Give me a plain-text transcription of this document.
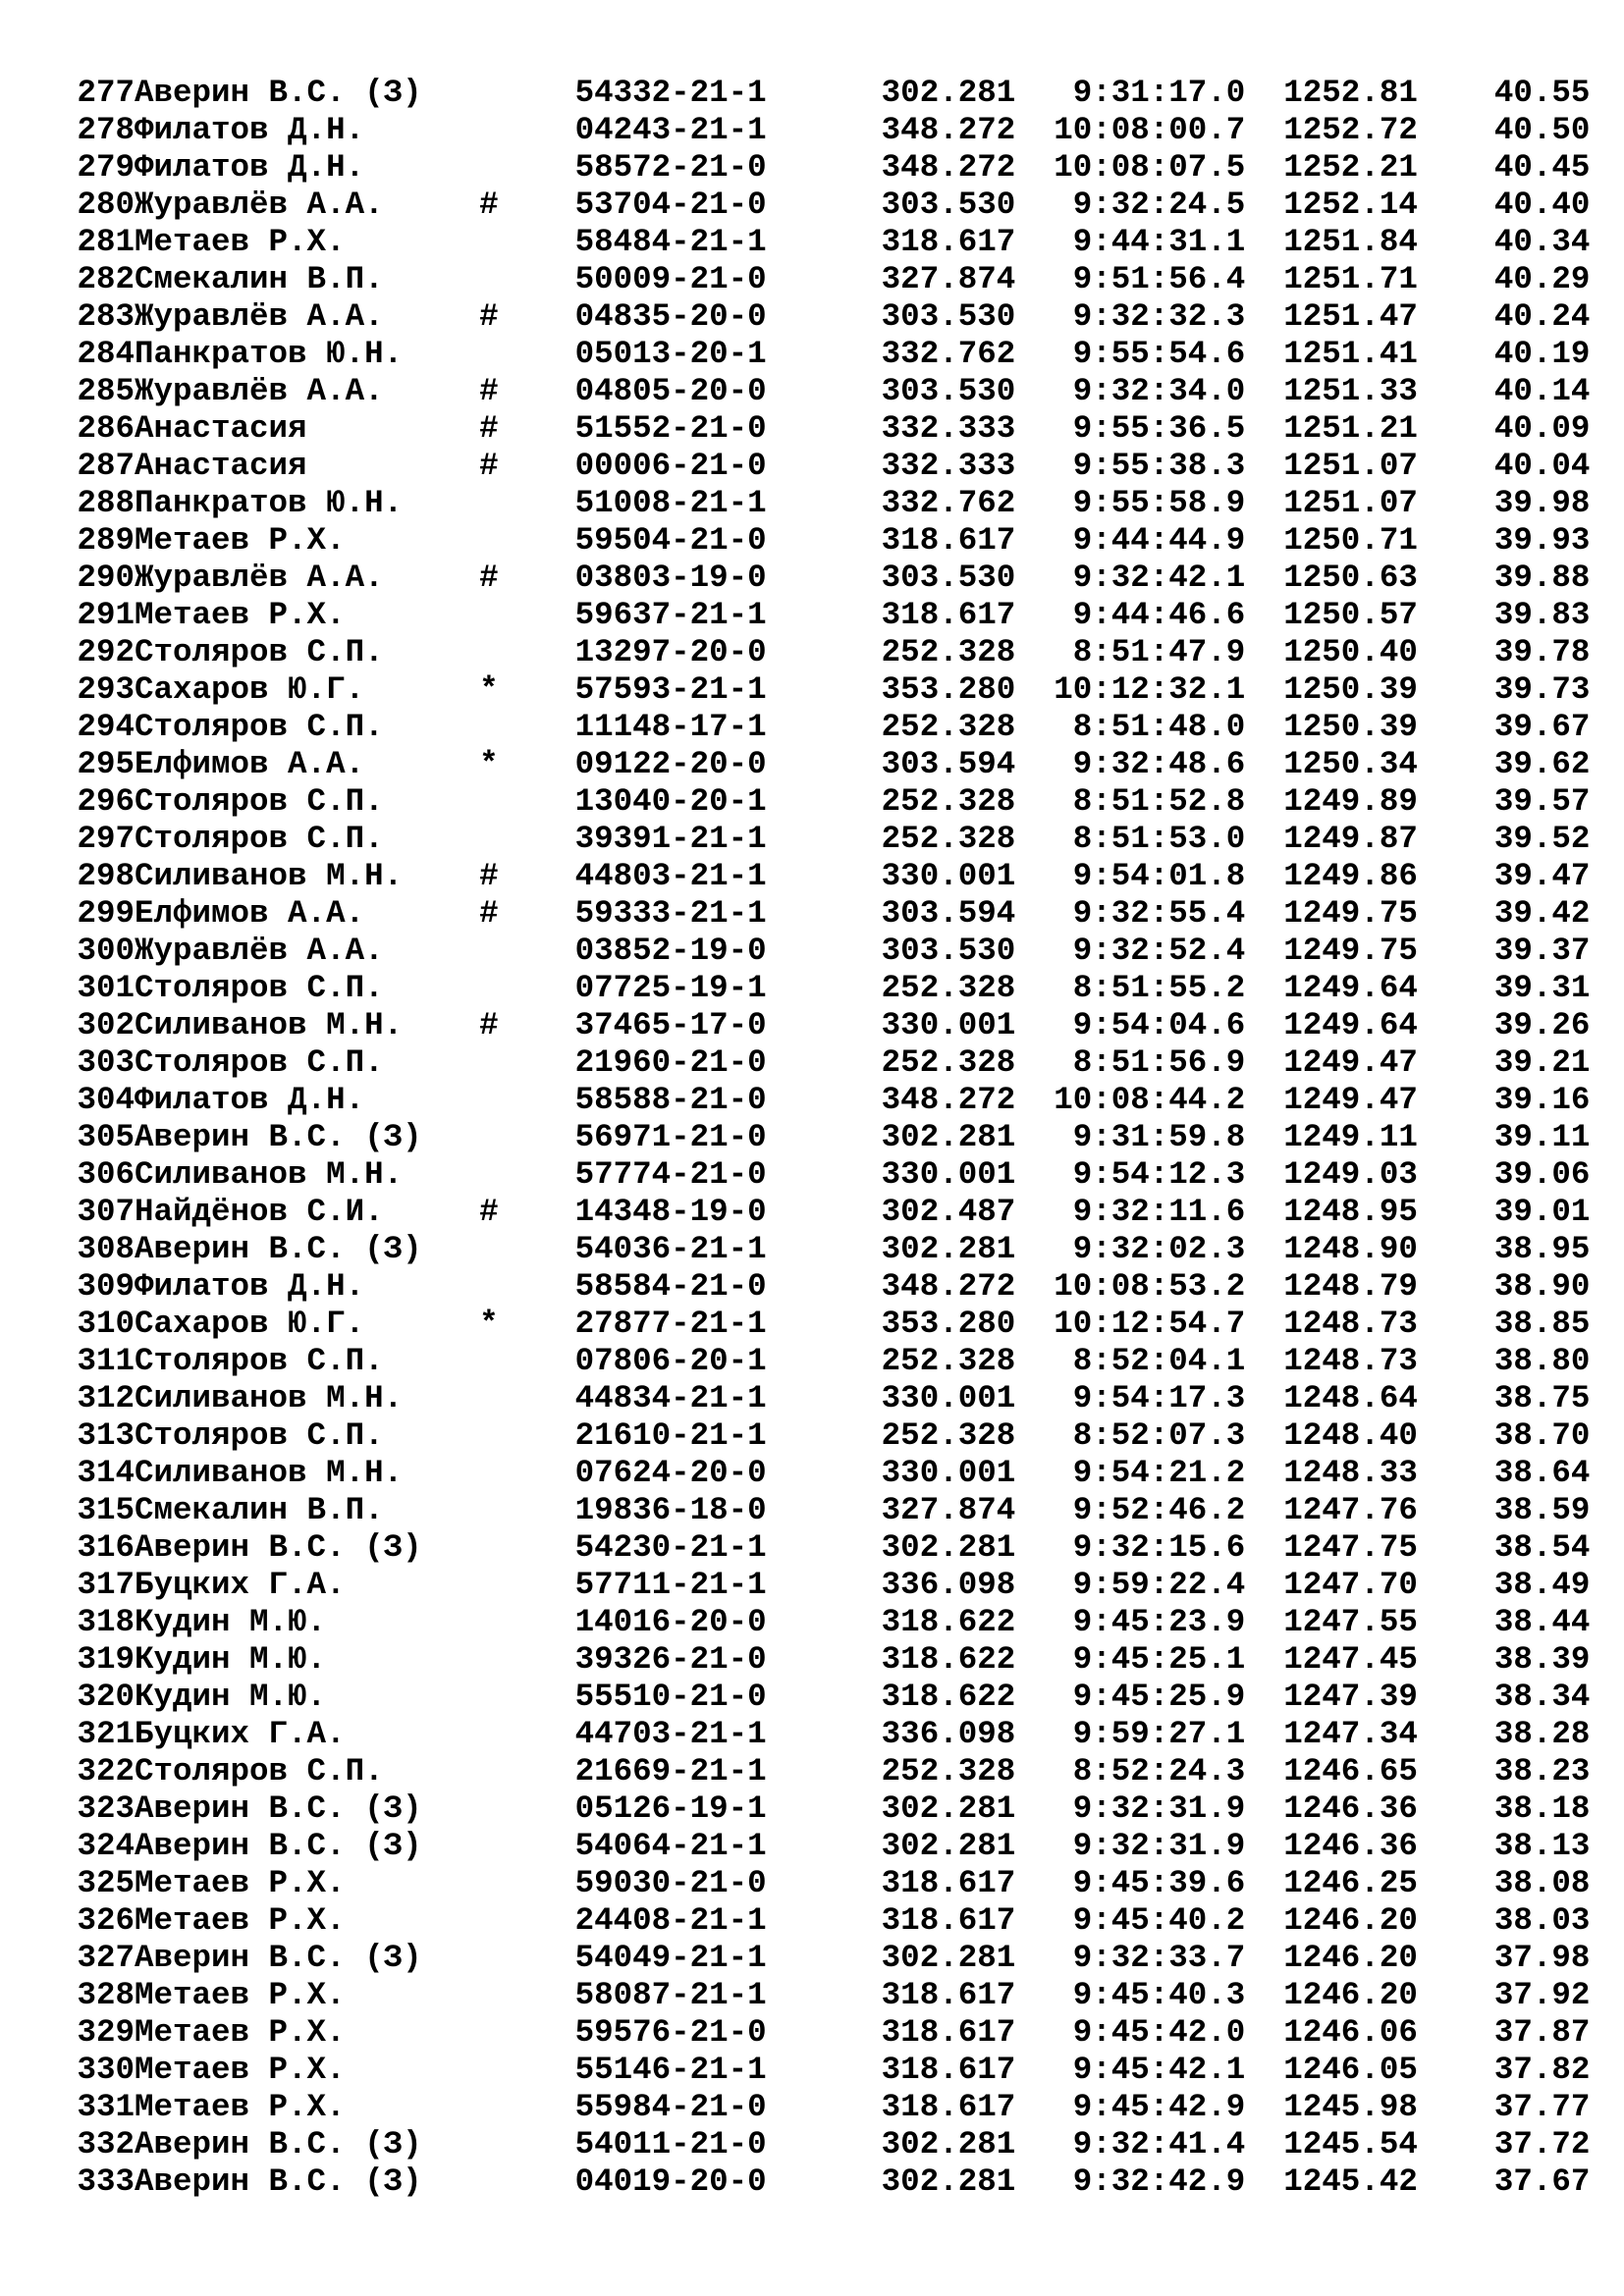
277Аверин В.С. (З)	54332-21-1      302.281   9:31:17.0  1252.81    40.55
278Филатов Д.Н.	04243-21-1      348.272  10:08:00.7  1252.72    40.50
279Филатов Д.Н.	58572-21-0      348.272  10:08:07.5  1252.21    40.45
280Журавлёв А.А.     #    53704-21-0      303.530   9:32:24.5  1252.14    40.40
281Метаев Р.Х.	58484-21-1      318.617   9:44:31.1  1251.84    40.34
282Смекалин В.П.	50009-21-0      327.874   9:51:56.4  1251.71    40.29
283Журавлёв А.А.     #    04835-20-0      303.530   9:32:32.3  1251.47    40.24
284Панкратов Ю.Н.	05013-20-1      332.762   9:55:54.6  1251.41    40.19
285Журавлёв А.А.     #    04805-20-0      303.530   9:32:34.0  1251.33    40.14
286Анастасия         #    51552-21-0      332.333   9:55:36.5  1251.21    40.09
287Анастасия         #    00006-21-0      332.333   9:55:38.3  1251.07    40.04
288Панкратов Ю.Н.	51008-21-1      332.762   9:55:58.9  1251.07    39.98
289Метаев Р.Х.	59504-21-0      318.617   9:44:44.9  1250.71    39.93
290Журавлёв А.А.     #    03803-19-0      303.530   9:32:42.1  1250.63    39.88
291Метаев Р.Х.	59637-21-1      318.617   9:44:46.6  1250.57    39.83
292Столяров С.П.	13297-20-0      252.328   8:51:47.9  1250.40    39.78
293Сахаров Ю.Г.      *    57593-21-1      353.280  10:12:32.1  1250.39    39.73
294Столяров С.П.	11148-17-1      252.328   8:51:48.0  1250.39    39.67
295Елфимов А.А.      *    09122-20-0      303.594   9:32:48.6  1250.34    39.62
296Столяров С.П.	13040-20-1      252.328   8:51:52.8  1249.89    39.57
297Столяров С.П.	39391-21-1      252.328   8:51:53.0  1249.87    39.52
298Силиванов М.Н.    #    44803-21-1      330.001   9:54:01.8  1249.86    39.47
299Елфимов А.А.      #    59333-21-1      303.594   9:32:55.4  1249.75    39.42
300Журавлёв А.А.	03852-19-0      303.530   9:32:52.4  1249.75    39.37
301Столяров С.П.	07725-19-1      252.328   8:51:55.2  1249.64    39.31
302Силиванов М.Н.    #    37465-17-0      330.001   9:54:04.6  1249.64    39.26
303Столяров С.П.	21960-21-0      252.328   8:51:56.9  1249.47    39.21
304Филатов Д.Н.	58588-21-0      348.272  10:08:44.2  1249.47    39.16
305Аверин В.С. (З)	56971-21-0      302.281   9:31:59.8  1249.11    39.11
306Силиванов М.Н.	57774-21-0      330.001   9:54:12.3  1249.03    39.06
307Найдёнов С.И.     #    14348-19-0      302.487   9:32:11.6  1248.95    39.01
308Аверин В.С. (З)	54036-21-1      302.281   9:32:02.3  1248.90    38.95
309Филатов Д.Н.	58584-21-0      348.272  10:08:53.2  1248.79    38.90
310Сахаров Ю.Г.      *    27877-21-1      353.280  10:12:54.7  1248.73    38.85
311Столяров С.П.	07806-20-1      252.328   8:52:04.1  1248.73    38.80
312Силиванов М.Н.	44834-21-1      330.001   9:54:17.3  1248.64    38.75
313Столяров С.П.	21610-21-1      252.328   8:52:07.3  1248.40    38.70
314Силиванов М.Н.	07624-20-0      330.001   9:54:21.2  1248.33    38.64
315Смекалин В.П.	19836-18-0      327.874   9:52:46.2  1247.76    38.59
316Аверин В.С. (З)	54230-21-1      302.281   9:32:15.6  1247.75    38.54
317Буцких Г.А.	57711-21-1      336.098   9:59:22.4  1247.70    38.49
318Кудин М.Ю.	14016-20-0      318.622   9:45:23.9  1247.55    38.44
319Кудин М.Ю.	39326-21-0      318.622   9:45:25.1  1247.45    38.39
320Кудин М.Ю.	55510-21-0      318.622   9:45:25.9  1247.39    38.34
321Буцких Г.А.	44703-21-1      336.098   9:59:27.1  1247.34    38.28
322Столяров С.П.	21669-21-1      252.328   8:52:24.3  1246.65    38.23
323Аверин В.С. (З)	05126-19-1      302.281   9:32:31.9  1246.36    38.18
324Аверин В.С. (З)	54064-21-1      302.281   9:32:31.9  1246.36    38.13
325Метаев Р.Х.	59030-21-0      318.617   9:45:39.6  1246.25    38.08
326Метаев Р.Х.	24408-21-1      318.617   9:45:40.2  1246.20    38.03
327Аверин В.С. (З)	54049-21-1      302.281   9:32:33.7  1246.20    37.98
328Метаев Р.Х.	58087-21-1      318.617   9:45:40.3  1246.20    37.92
329Метаев Р.Х.	59576-21-0      318.617   9:45:42.0  1246.06    37.87
330Метаев Р.Х.	55146-21-1      318.617   9:45:42.1  1246.05    37.82
331Метаев Р.Х.	55984-21-0      318.617   9:45:42.9  1245.98    37.77
332Аверин В.С. (З)	54011-21-0      302.281   9:32:41.4  1245.54    37.72
333Аверин В.С. (З)	04019-20-0      302.281   9:32:42.9  1245.42    37.67
